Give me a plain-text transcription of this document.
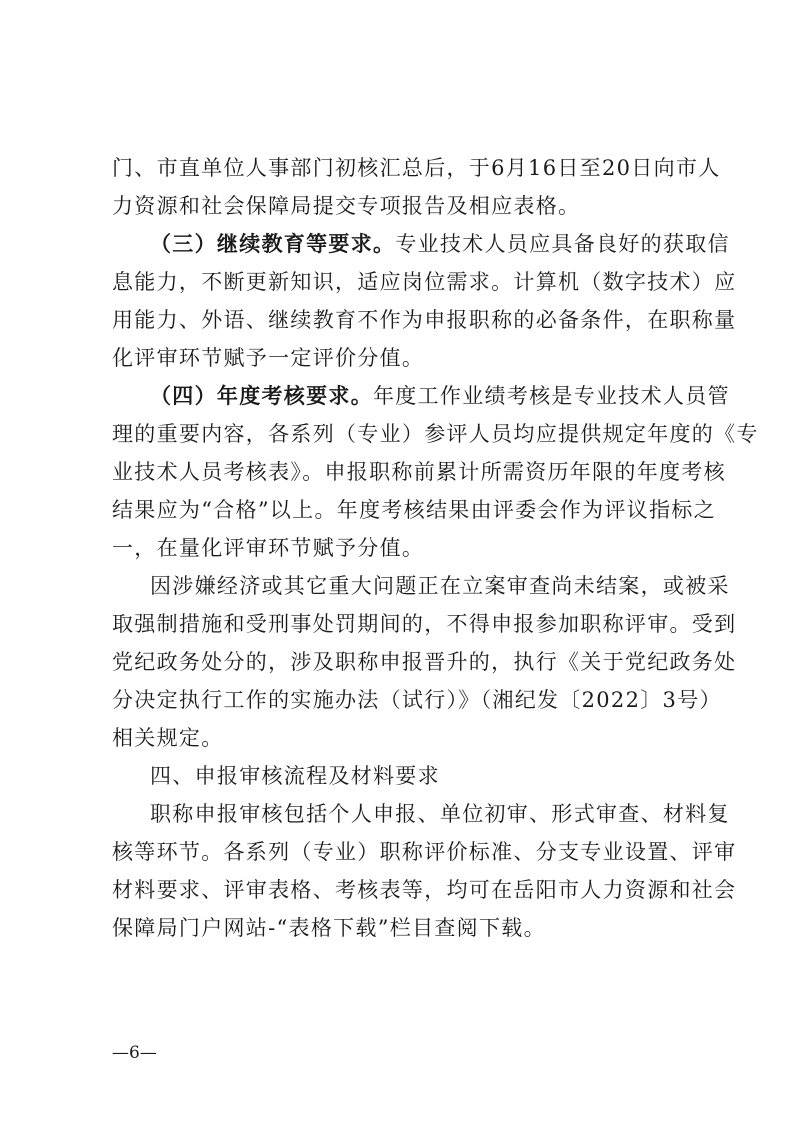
门、市直单位人事部门初核汇总后，于6月16日至20日向市人
力资源和社会保障局提交专项报告及相应表格。
（三）继续教育等要求。专业技术人员应具备良好的获取信
息能力，不断更新知识，适应岗位需求。计算机（数字技术）应
用能力、外语、继续教育不作为申报职称的必备条件，在职称量
化评审环节赋予一定评价分值。
（四）年度考核要求。年度工作业绩考核是专业技术人员管
理的重要内容，各系列（专业）参评人员均应提供规定年度的《专
业技术人员考核表》。申报职称前累计所需资历年限的年度考核
结果应为“合格”以上。年度考核结果由评委会作为评议指标之
一，在量化评审环节赋予分值。
因涉嫌经济或其它重大问题正在立案审查尚未结案，或被采
取强制措施和受刑事处罚期间的，不得申报参加职称评审。受到
党纪政务处分的，涉及职称申报晋升的，执行《关于党纪政务处
分决定执行工作的实施办法（试行）》（湘纪发〔2022〕3号）
相关规定。
四、申报审核流程及材料要求
职称申报审核包括个人申报、单位初审、形式审查、材料复
核等环节。各系列（专业）职称评价标准、分支专业设置、评审
材料要求、评审表格、考核表等，均可在岳阳市人力资源和社会
保障局门户网站-“表格下载”栏目查阅下载。
—6—
